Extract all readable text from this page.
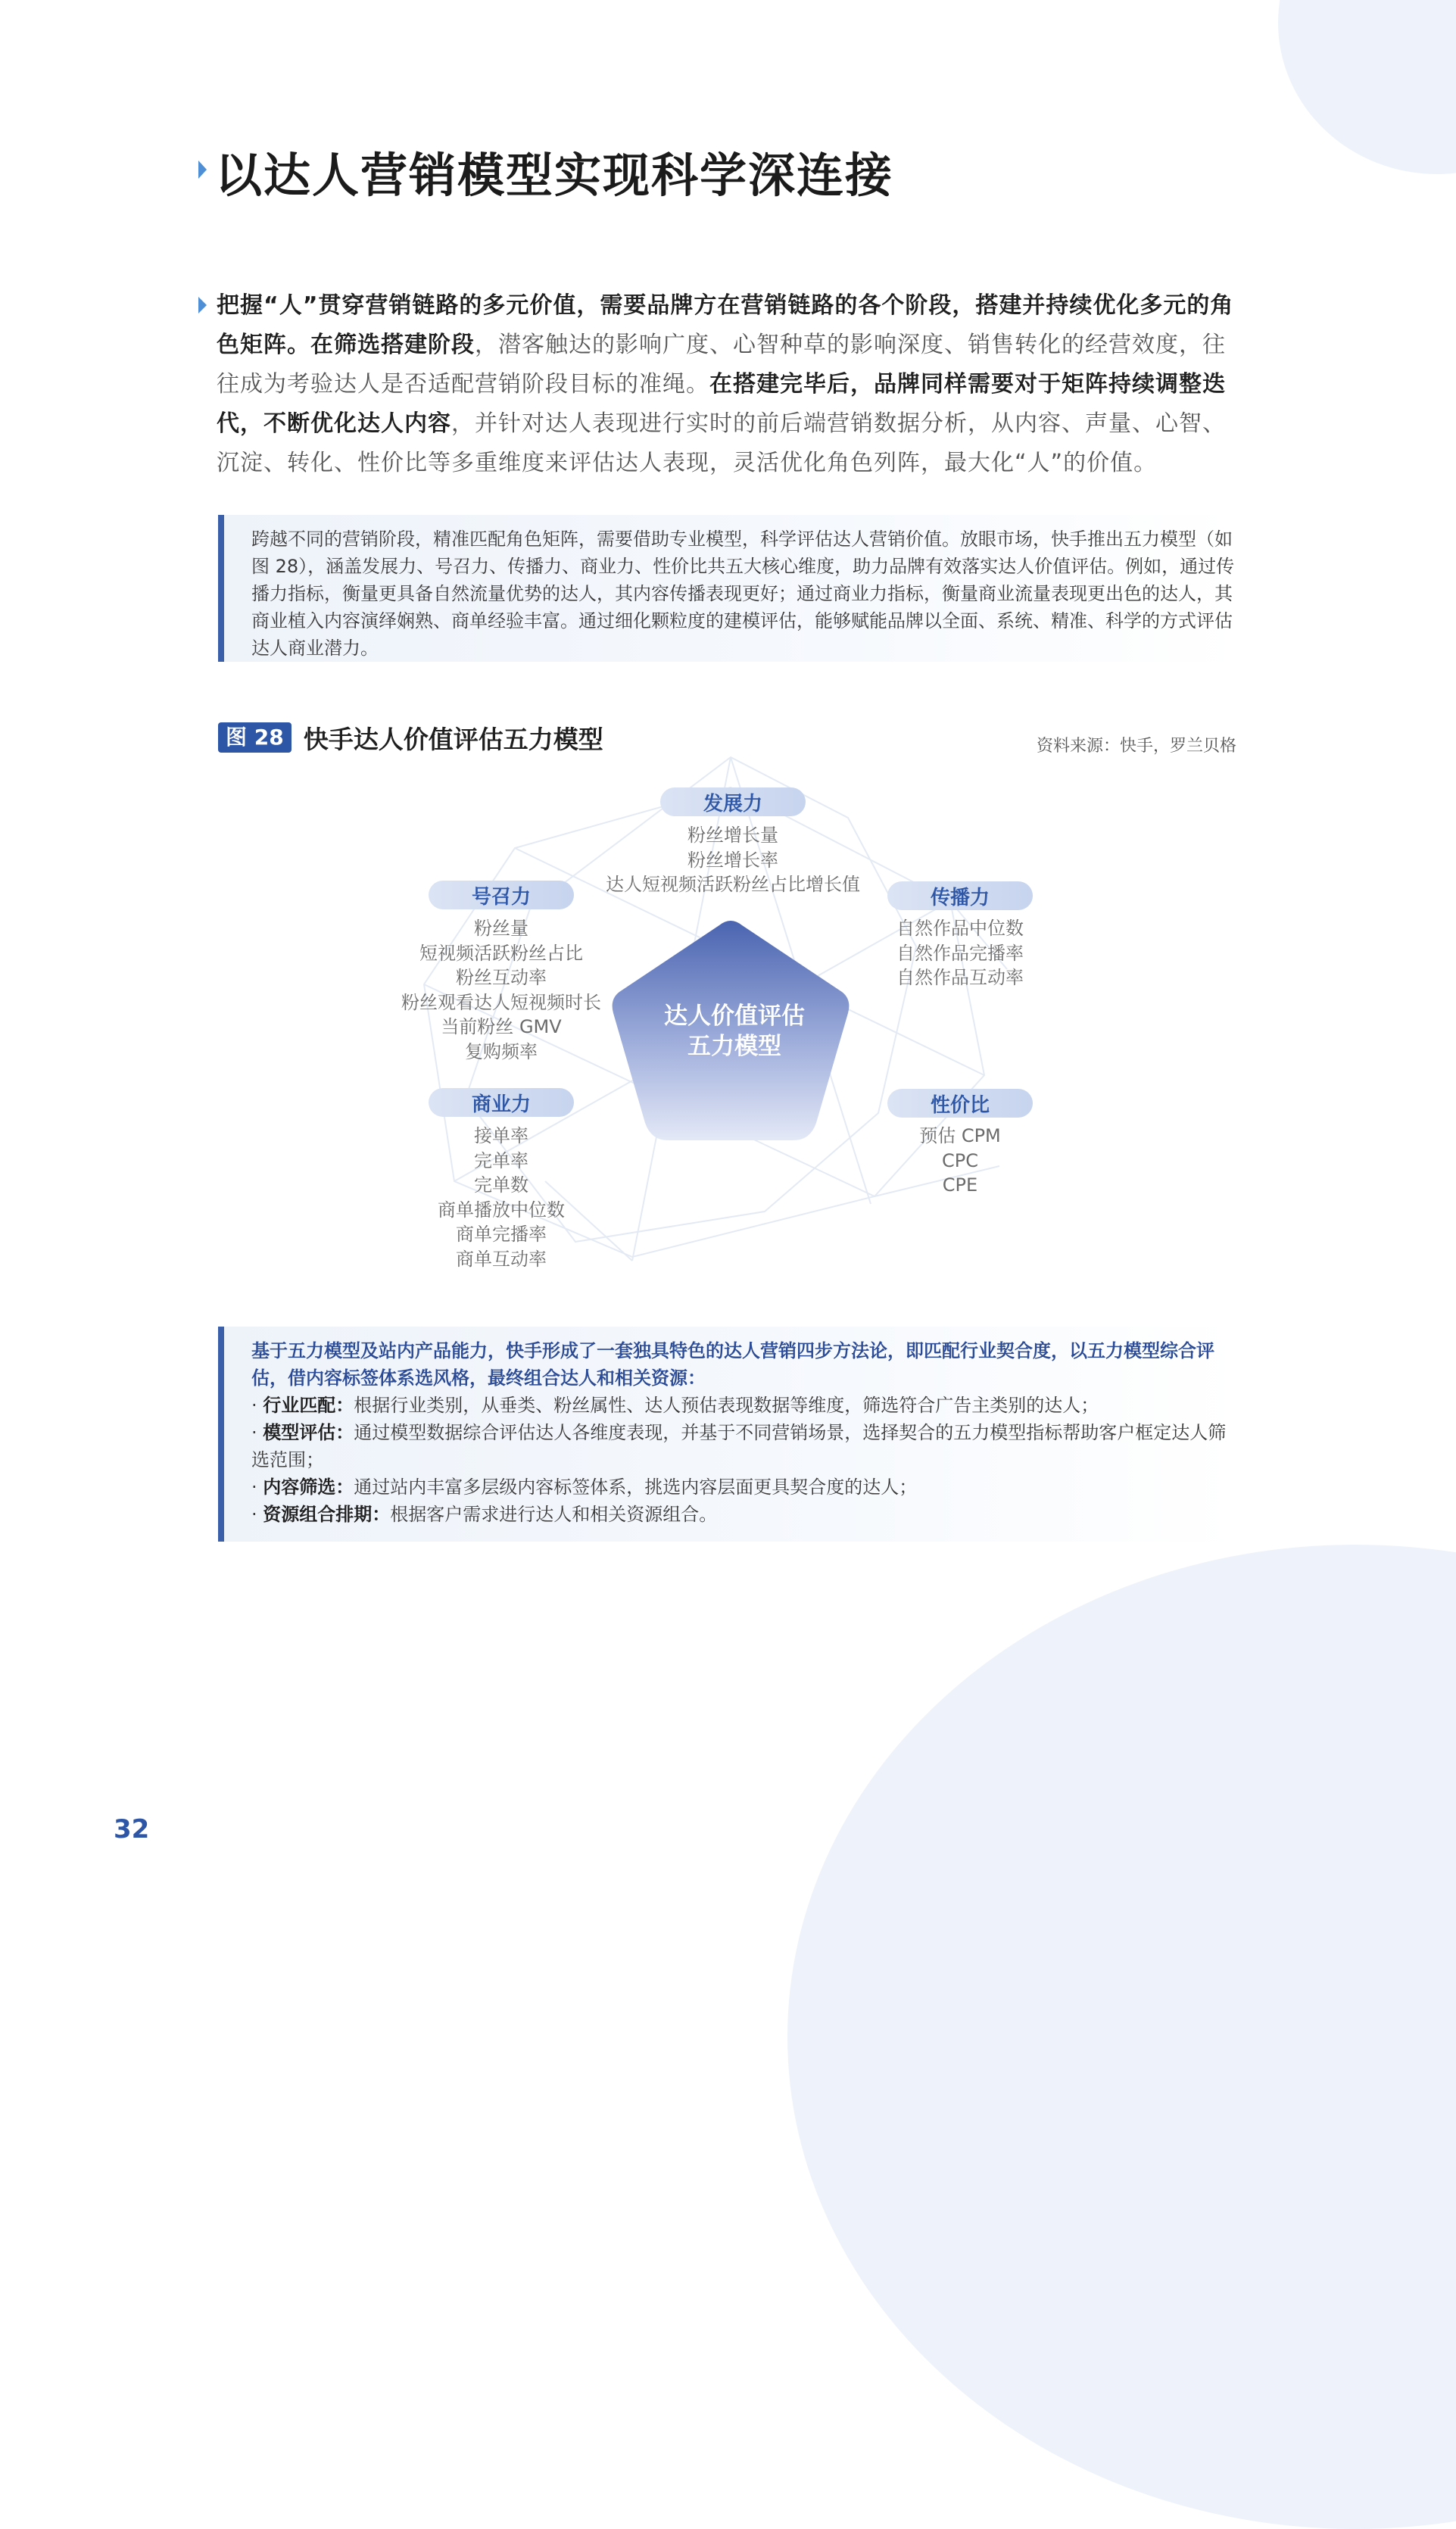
以达人营销模型实现科学深连接
把握“人”贯穿营销链路的多元价值，需要品牌方在营销链路的各个阶段，搭建并持续优化多元的角色矩阵。在筛选搭建阶段，潜客触达的影响广度、心智种草的影响深度、销售转化的经营效度，往往成为考验达人是否适配营销阶段目标的准绳。在搭建完毕后，品牌同样需要对于矩阵持续调整迭代，不断优化达人内容，并针对达人表现进行实时的前后端营销数据分析，从内容、声量、心智、沉淀、转化、性价比等多重维度来评估达人表现，灵活优化角色列阵，最大化“人”的价值。
跨越不同的营销阶段，精准匹配角色矩阵，需要借助专业模型，科学评估达人营销价值。放眼市场，快手推出五力模型（如图 28），涵盖发展力、号召力、传播力、商业力、性价比共五大核心维度，助力品牌有效落实达人价值评估。例如，通过传播力指标，衡量更具备自然流量优势的达人，其内容传播表现更好；通过商业力指标，衡量商业流量表现更出色的达人，其商业植入内容演绎娴熟、商单经验丰富。通过细化颗粒度的建模评估，能够赋能品牌以全面、系统、精准、科学的方式评估达人商业潜力。
图 28 快手达人价值评估五力模型	资料来源：快手，罗兰贝格
达人价值评估
五力模型
发展力
粉丝增长量
粉丝增长率
达人短视频活跃粉丝占比增长值
号召力
粉丝量
短视频活跃粉丝占比
粉丝互动率
粉丝观看达人短视频时长
当前粉丝 GMV
复购频率
传播力
自然作品中位数
自然作品完播率
自然作品互动率
商业力
接单率
完单率
完单数
商单播放中位数
商单完播率
商单互动率
性价比
预估 CPM
CPC
CPE
基于五力模型及站内产品能力，快手形成了一套独具特色的达人营销四步方法论，即匹配行业契合度，以五力模型综合评估，借内容标签体系选风格，最终组合达人和相关资源：
· 行业匹配：根据行业类别，从垂类、粉丝属性、达人预估表现数据等维度，筛选符合广告主类别的达人；
· 模型评估：通过模型数据综合评估达人各维度表现，并基于不同营销场景，选择契合的五力模型指标帮助客户框定达人筛选范围；
· 内容筛选：通过站内丰富多层级内容标签体系，挑选内容层面更具契合度的达人；
· 资源组合排期：根据客户需求进行达人和相关资源组合。
32
